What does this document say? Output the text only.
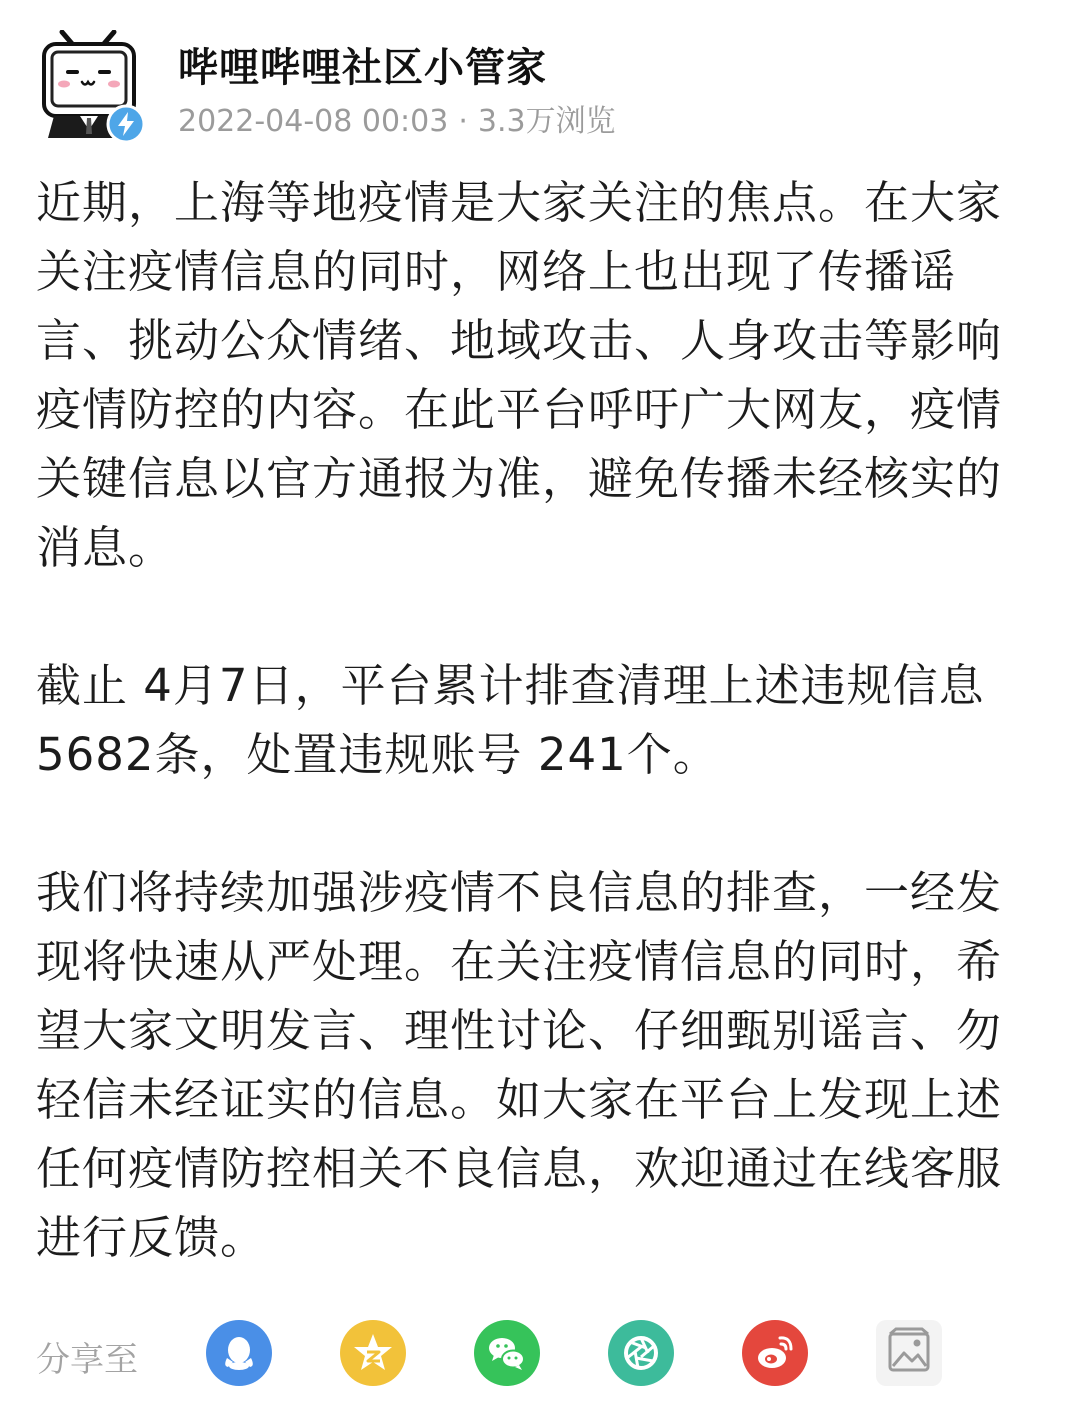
哔哩哔哩社区小管家
2022-04-08 00:03 · 3.3万浏览

近期，上海等地疫情是大家关注的焦点。在大家关注疫情信息的同时，网络上也出现了传播谣言、挑动公众情绪、地域攻击、人身攻击等影响疫情防控的内容。在此平台呼吁广大网友，疫情关键信息以官方通报为准，避免传播未经核实的消息。

截止 4月7日，平台累计排查清理上述违规信息5682条，处置违规账号 241个。

我们将持续加强涉疫情不良信息的排查，一经发现将快速从严处理。在关注疫情信息的同时，希望大家文明发言、理性讨论、仔细甄别谣言、勿轻信未经证实的信息。如大家在平台上发现上述任何疫情防控相关不良信息，欢迎通过在线客服进行反馈。

分享至
